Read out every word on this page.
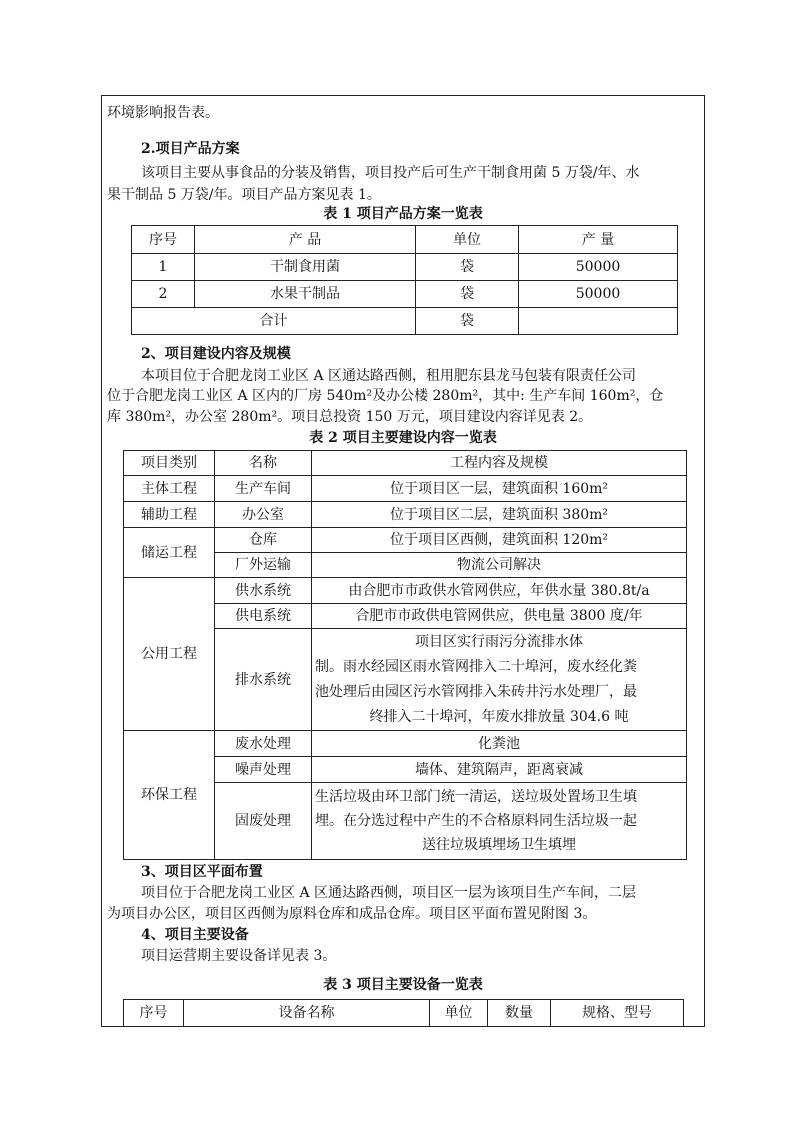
环境影响报告表。
2.项目产品方案
该项目主要从事食品的分装及销售，项目投产后可生产干制食用菌 5 万袋/年、水
果干制品 5 万袋/年。项目产品方案见表 1。
表 1 项目产品方案一览表
序号	产 品	单位	产 量
1	干制食用菌	袋	50000
2	水果干制品	袋	50000
合计		袋	
2、项目建设内容及规模
本项目位于合肥龙岗工业区 A 区通达路西侧，租用肥东县龙马包装有限责任公司
位于合肥龙岗工业区 A 区内的厂房 540m²及办公楼 280m²，其中: 生产车间 160m²，仓
库 380m²，办公室 280m²。项目总投资 150 万元，项目建设内容详见表 2。
表 2 项目主要建设内容一览表
项目类别	名称	工程内容及规模
主体工程	生产车间	位于项目区一层，建筑面积 160m²
辅助工程	办公室	位于项目区二层，建筑面积 380m²
储运工程	仓库	位于项目区西侧，建筑面积 120m²
	厂外运输	物流公司解决
公用工程	供水系统	由合肥市市政供水管网供应，年供水量 380.8t/a
	供电系统	合肥市市政供电管网供应，供电量 3800 度/年
	排水系统	项目区实行雨污分流排水体
制。雨水经园区雨水管网排入二十埠河，废水经化粪
池处理后由园区污水管网排入朱砖井污水处理厂，最
终排入二十埠河，年废水排放量 304.6 吨

环保工程	废水处理	化粪池
	噪声处理	墙体、建筑隔声，距离衰减
	固废处理	生活垃圾由环卫部门统一清运，送垃圾处置场卫生填
埋。在分选过程中产生的不合格原料同生活垃圾一起
送往垃圾填埋场卫生填埋
3、项目区平面布置
项目位于合肥龙岗工业区 A 区通达路西侧，项目区一层为该项目生产车间，二层
为项目办公区，项目区西侧为原料仓库和成品仓库。项目区平面布置见附图 3。
4、项目主要设备
项目运营期主要设备详见表 3。
表 3 项目主要设备一览表
序号	设备名称	单位	数量	规格、型号
